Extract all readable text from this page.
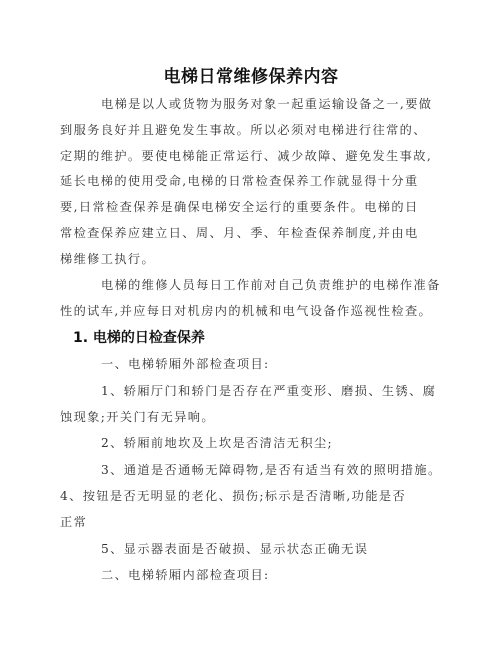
电梯日常维修保养内容
电梯是以人或货物为服务对象一起重运输设备之一,要做
到服务良好并且避免发生事故。所以必须对电梯进行往常的、
定期的维护。要使电梯能正常运行、减少故障、避免发生事故,
延长电梯的使用受命,电梯的日常检查保养工作就显得十分重
要,日常检查保养是确保电梯安全运行的重要条件。电梯的日
常检查保养应建立日、周、月、季、年检查保养制度,并由电
梯维修工执行。
电梯的维修人员每日工作前对自己负责维护的电梯作准备
性的试车,并应每日对机房内的机械和电气设备作巡视性检查。
1. 电梯的日检查保养
一、电梯轿厢外部检查项目:
1、轿厢厅门和轿门是否存在严重变形、磨损、生锈、腐
蚀现象;开关门有无异响。
2、轿厢前地坎及上坎是否清洁无积尘;
3、通道是否通畅无障碍物,是否有适当有效的照明措施。
4、按钮是否无明显的老化、损伤;标示是否清晰,功能是否
正常
5、显示器表面是否破损、显示状态正确无误
二、电梯轿厢内部检查项目:
